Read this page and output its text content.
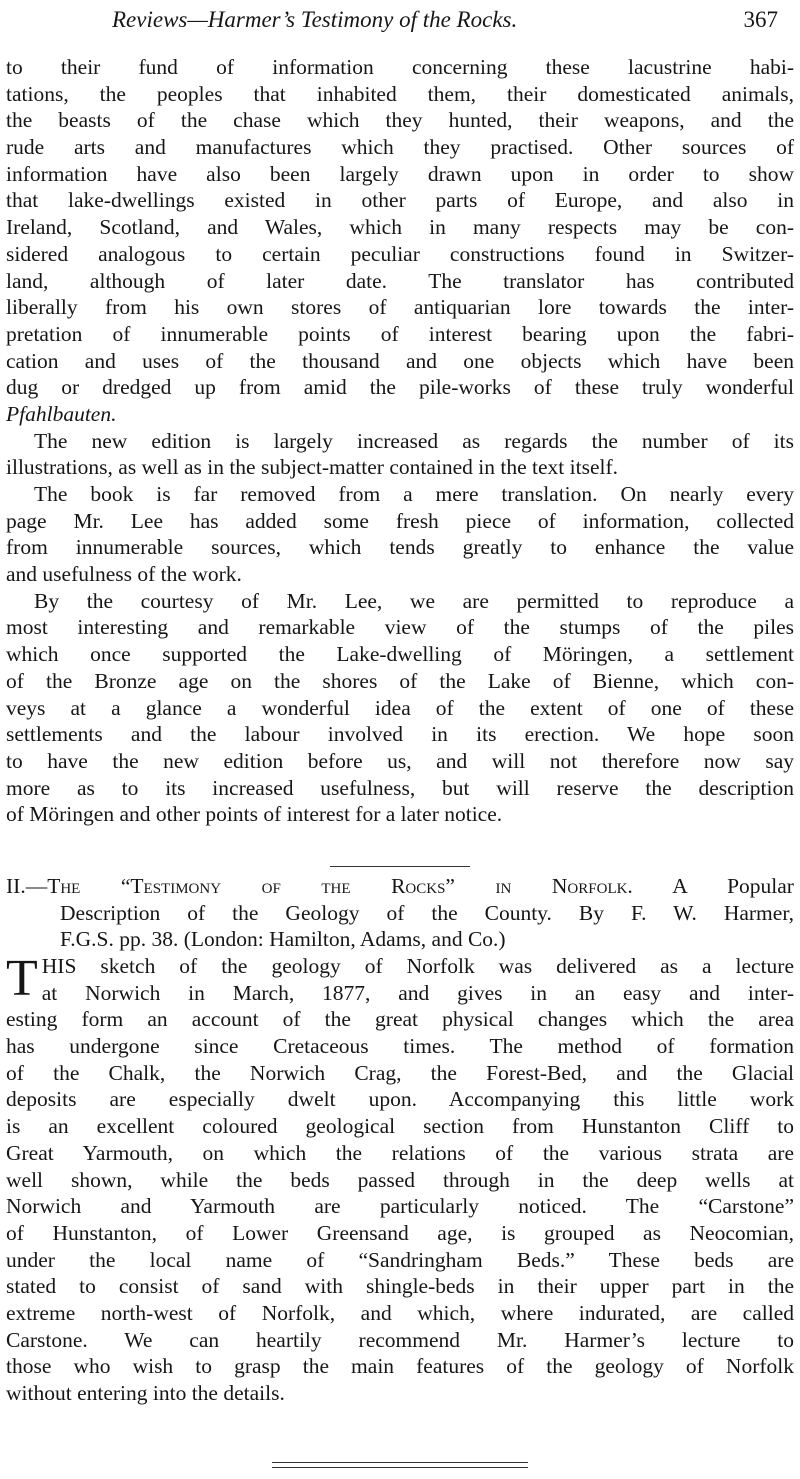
Reviews—Harmer’s Testimony of the Rocks.	367
to their fund of information concerning these lacustrine habi-
tations, the peoples that inhabited them, their domesticated animals,
the beasts of the chase which they hunted, their weapons, and the
rude arts and manufactures which they practised. Other sources of
information have also been largely drawn upon in order to show
that lake-dwellings existed in other parts of Europe, and also in
Ireland, Scotland, and Wales, which in many respects may be con-
sidered analogous to certain peculiar constructions found in Switzer-
land, although of later date. The translator has contributed
liberally from his own stores of antiquarian lore towards the inter-
pretation of innumerable points of interest bearing upon the fabri-
cation and uses of the thousand and one objects which have been
dug or dredged up from amid the pile-works of these truly wonderful
Pfahlbauten.
The new edition is largely increased as regards the number of its
illustrations, as well as in the subject-matter contained in the text itself.
The book is far removed from a mere translation. On nearly every
page Mr. Lee has added some fresh piece of information, collected
from innumerable sources, which tends greatly to enhance the value
and usefulness of the work.
By the courtesy of Mr. Lee, we are permitted to reproduce a
most interesting and remarkable view of the stumps of the piles
which once supported the Lake-dwelling of Möringen, a settlement
of the Bronze age on the shores of the Lake of Bienne, which con-
veys at a glance a wonderful idea of the extent of one of these
settlements and the labour involved in its erection. We hope soon
to have the new edition before us, and will not therefore now say
more as to its increased usefulness, but will reserve the description
of Möringen and other points of interest for a later notice.
II.—The “Testimony of the Rocks” in Norfolk. A Popular
Description of the Geology of the County. By F. W. Harmer,
F.G.S. pp. 38. (London: Hamilton, Adams, and Co.)
T HIS sketch of the geology of Norfolk was delivered as a lecture
at Norwich in March, 1877, and gives in an easy and inter-
esting form an account of the great physical changes which the area
has undergone since Cretaceous times. The method of formation
of the Chalk, the Norwich Crag, the Forest-Bed, and the Glacial
deposits are especially dwelt upon. Accompanying this little work
is an excellent coloured geological section from Hunstanton Cliff to
Great Yarmouth, on which the relations of the various strata are
well shown, while the beds passed through in the deep wells at
Norwich and Yarmouth are particularly noticed. The “Carstone”
of Hunstanton, of Lower Greensand age, is grouped as Neocomian,
under the local name of “Sandringham Beds.” These beds are
stated to consist of sand with shingle-beds in their upper part in the
extreme north-west of Norfolk, and which, where indurated, are called
Carstone. We can heartily recommend Mr. Harmer’s lecture to
those who wish to grasp the main features of the geology of Norfolk
without entering into the details.
